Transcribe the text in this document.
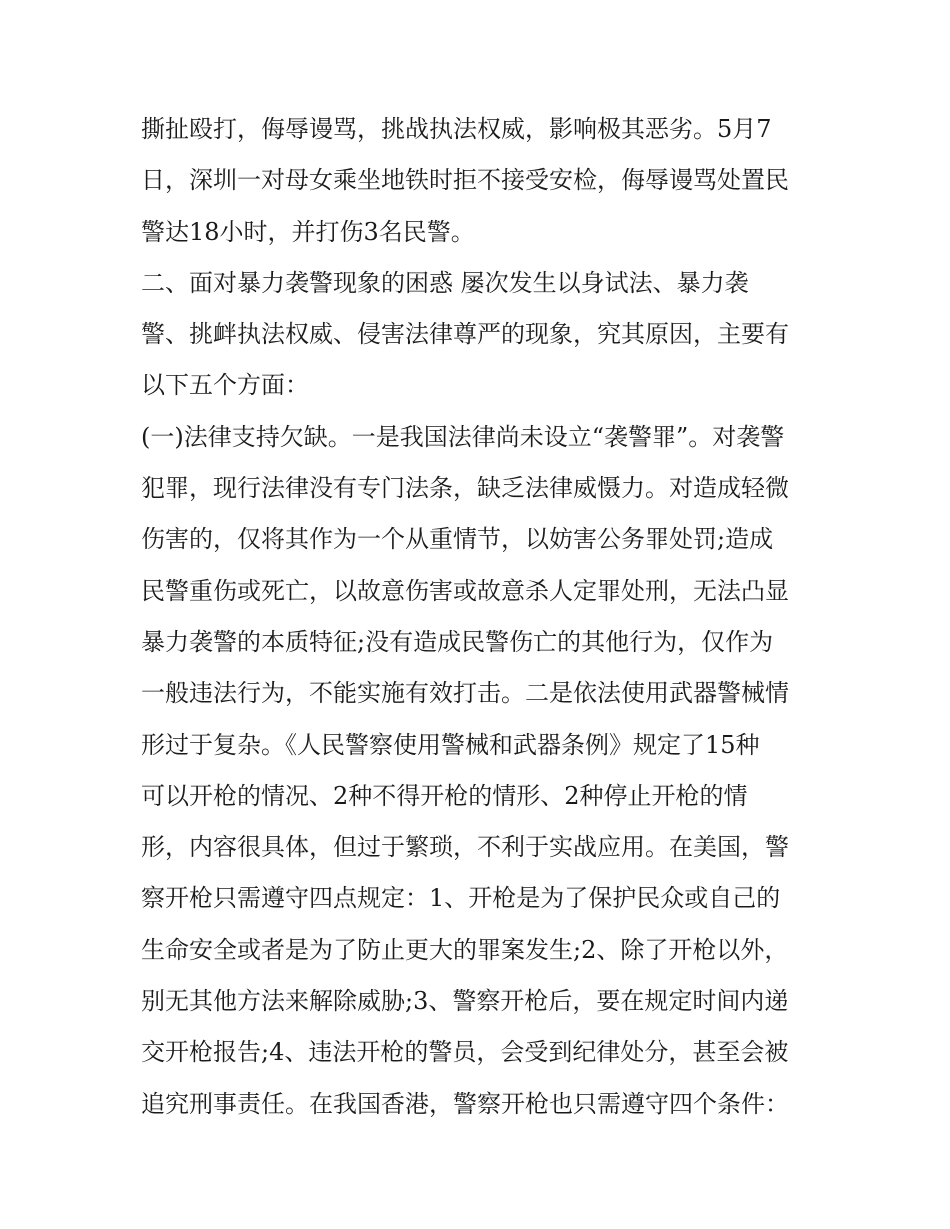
撕扯殴打，侮辱谩骂，挑战执法权威，影响极其恶劣。5月7
日，深圳一对母女乘坐地铁时拒不接受安检，侮辱谩骂处置民
警达18小时，并打伤3名民警。
二、面对暴力袭警现象的困惑 屡次发生以身试法、暴力袭
警、挑衅执法权威、侵害法律尊严的现象，究其原因，主要有
以下五个方面：
(一)法律支持欠缺。一是我国法律尚未设立“袭警罪”。对袭警
犯罪，现行法律没有专门法条，缺乏法律威慑力。对造成轻微
伤害的，仅将其作为一个从重情节，以妨害公务罪处罚;造成
民警重伤或死亡，以故意伤害或故意杀人定罪处刑，无法凸显
暴力袭警的本质特征;没有造成民警伤亡的其他行为，仅作为
一般违法行为，不能实施有效打击。二是依法使用武器警械情
形过于复杂。《人民警察使用警械和武器条例》规定了15种
可以开枪的情况、2种不得开枪的情形、2种停止开枪的情
形，内容很具体，但过于繁琐，不利于实战应用。在美国，警
察开枪只需遵守四点规定：1、开枪是为了保护民众或自己的
生命安全或者是为了防止更大的罪案发生;2、除了开枪以外，
别无其他方法来解除威胁;3、警察开枪后，要在规定时间内递
交开枪报告;4、违法开枪的警员，会受到纪律处分，甚至会被
追究刑事责任。在我国香港，警察开枪也只需遵守四个条件：
